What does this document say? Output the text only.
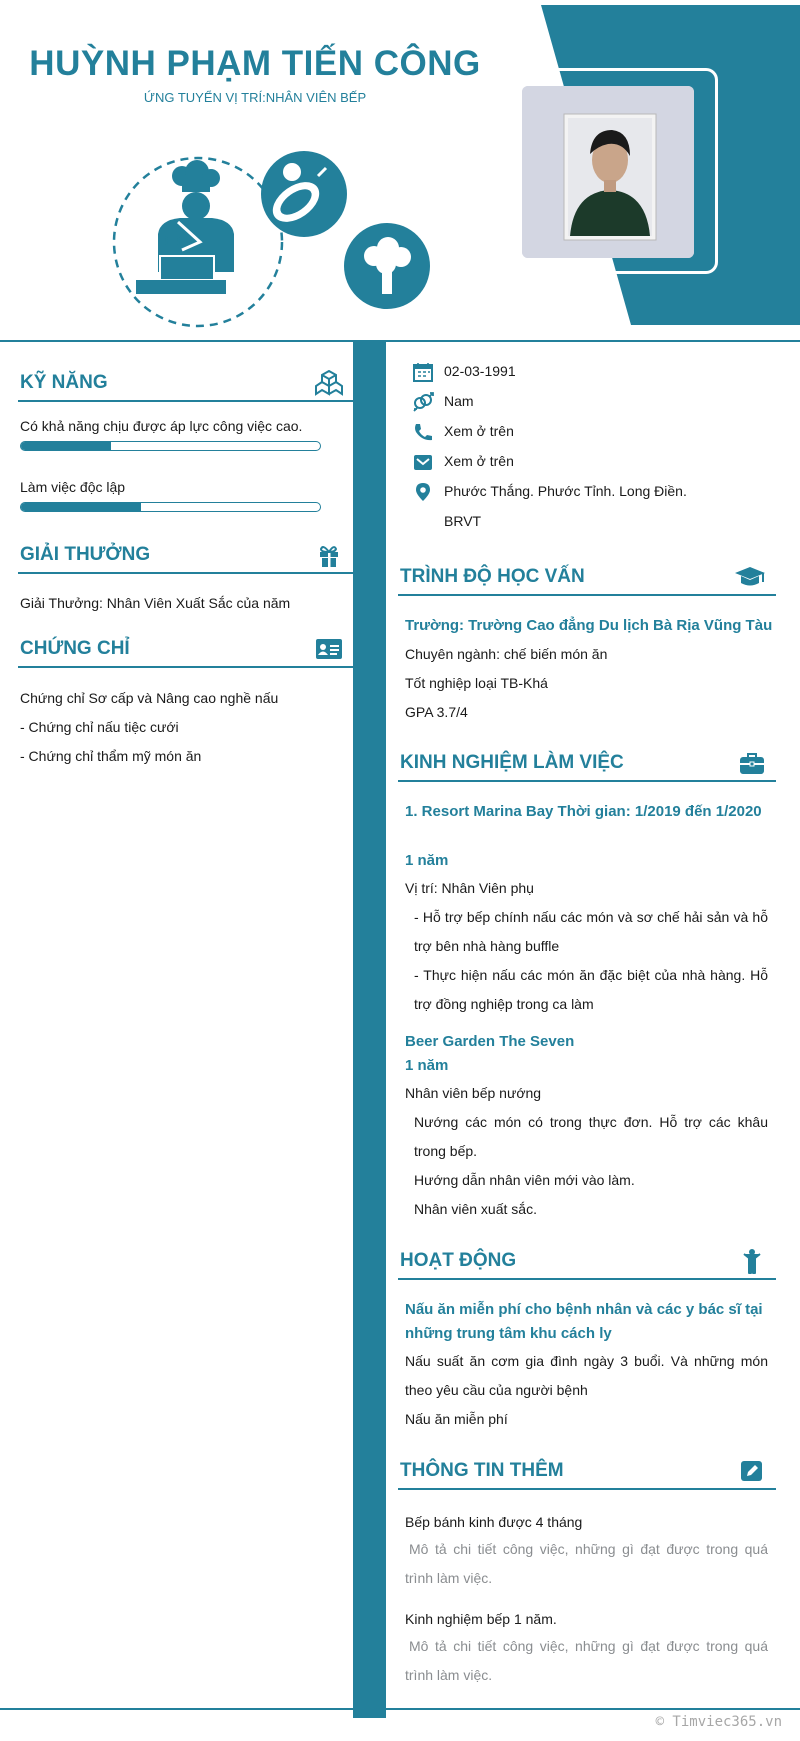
HUỲNH PHẠM TIẾN CÔNG
ỨNG TUYỂN VỊ TRÍ:NHÂN VIÊN BẾP
KỸ NĂNG
Có khả năng chịu được áp lực công việc cao.
Làm việc độc lập
GIẢI THƯỞNG
Giải Thưởng: Nhân Viên Xuất Sắc của năm
CHỨNG CHỈ
Chứng chỉ Sơ cấp và Nâng cao nghề nấu
- Chứng chỉ nấu tiệc cưới
- Chứng chỉ thẩm mỹ món ăn
02-03-1991
Nam
Xem ở trên
Xem ở trên
Phước Thắng. Phước Tỉnh. Long Điền.
BRVT
TRÌNH ĐỘ HỌC VẤN
Trường: Trường Cao đẳng Du lịch Bà Rịa Vũng Tàu
Chuyên ngành: chế biến món ăn
Tốt nghiệp loại TB-Khá
GPA 3.7/4
KINH NGHIỆM LÀM VIỆC
1. Resort Marina Bay Thời gian: 1/2019 đến 1/2020
1 năm
Vị trí: Nhân Viên phụ
- Hỗ trợ bếp chính nấu các món và sơ chế hải sản và hỗ trợ bên nhà hàng buffle
- Thực hiện nấu các món ăn đặc biệt của nhà hàng. Hỗ trợ đồng nghiệp trong ca làm
Beer Garden The Seven
1 năm
Nhân viên bếp nướng
Nướng các món có trong thực đơn. Hỗ trợ các khâu trong bếp.
Hướng dẫn nhân viên mới vào làm.
Nhân viên xuất sắc.
HOẠT ĐỘNG
Nấu ăn miễn phí cho bệnh nhân và các y bác sĩ tại những trung tâm khu cách ly
Nấu suất ăn cơm gia đình ngày 3 buổi. Và những món theo yêu cầu của người bệnh
Nấu ăn miễn phí
THÔNG TIN THÊM
Bếp bánh kinh được 4 tháng
Mô tả chi tiết công việc, những gì đạt được trong quá trình làm việc.
Kinh nghiệm bếp 1 năm.
Mô tả chi tiết công việc, những gì đạt được trong quá trình làm việc.
© Timviec365.vn
